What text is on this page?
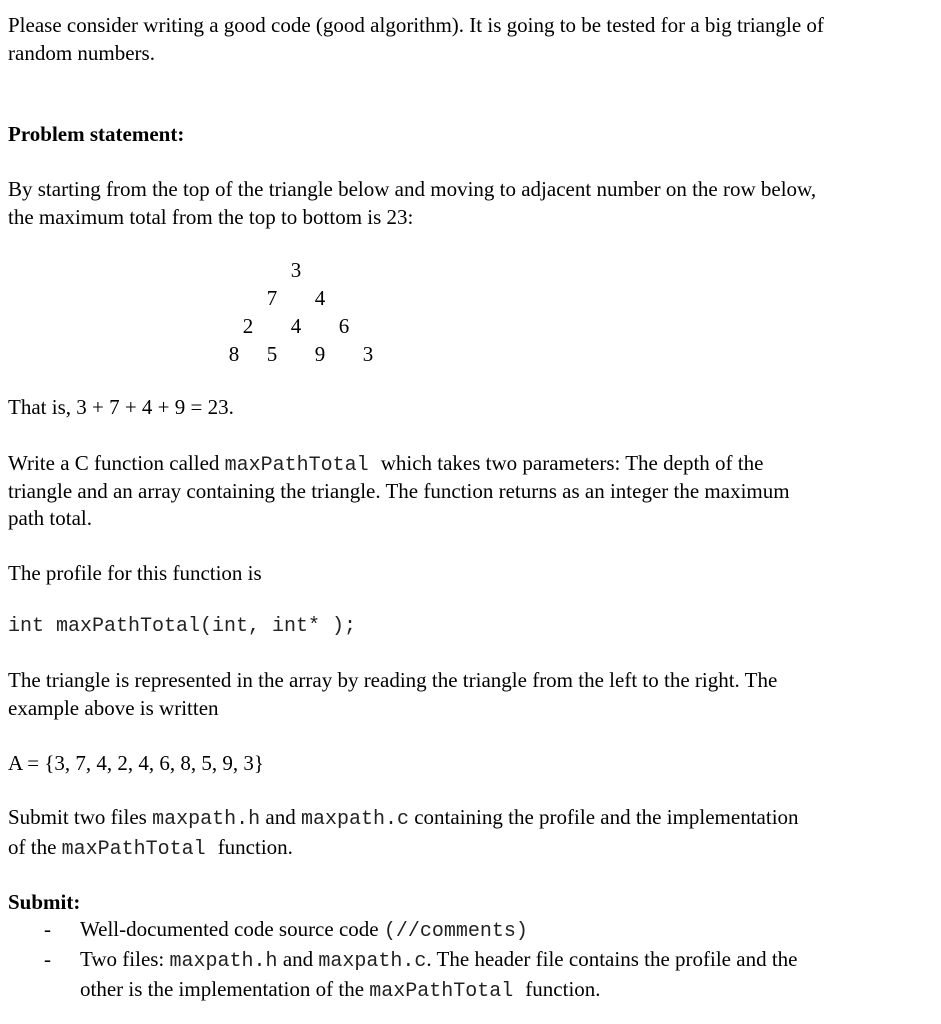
Please consider writing a good code (good algorithm). It is going to be tested for a big triangle of
random numbers.
Problem statement:
By starting from the top of the triangle below and moving to adjacent number on the row below,
the maximum total from the top to bottom is 23:
3
7 4
2 4 6
8 5 9 3
That is, 3 + 7 + 4 + 9 = 23.
Write a C function called maxPathTotal which takes two parameters: The depth of the
triangle and an array containing the triangle. The function returns as an integer the maximum
path total.
The profile for this function is
int maxPathTotal(int, int* );
The triangle is represented in the array by reading the triangle from the left to the right. The
example above is written
A = {3, 7, 4, 2, 4, 6, 8, 5, 9, 3}
Submit two files maxpath.h and maxpath.c containing the profile and the implementation
of the maxPathTotal function.
Submit:
- Well-documented code source code (//comments)
- Two files: maxpath.h and maxpath.c. The header file contains the profile and the
other is the implementation of the maxPathTotal function.
